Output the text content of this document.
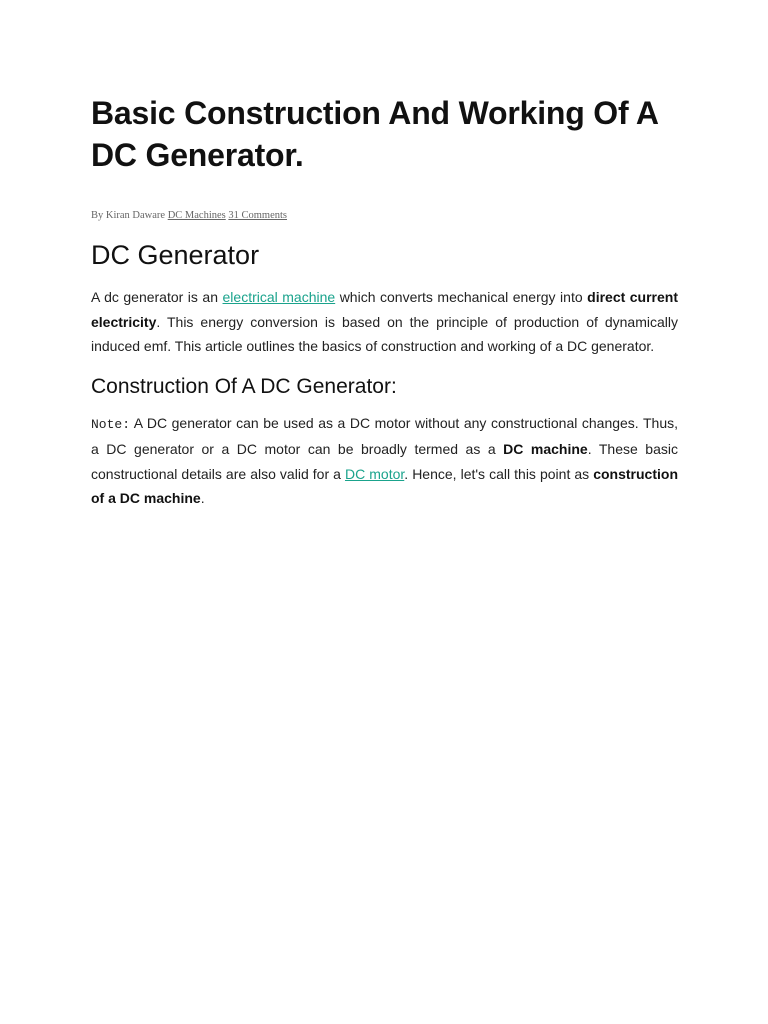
Basic Construction And Working Of A DC Generator.
By Kiran Daware DC Machines 31 Comments
DC Generator

A dc generator is an electrical machine which converts mechanical energy into direct current electricity. This energy conversion is based on the principle of production of dynamically induced emf. This article outlines the basics of construction and working of a DC generator.

Construction Of A DC Generator:

Note: A DC generator can be used as a DC motor without any constructional changes. Thus, a DC generator or a DC motor can be broadly termed as a DC machine. These basic constructional details are also valid for a DC motor. Hence, let's call this point as construction of a DC machine.
